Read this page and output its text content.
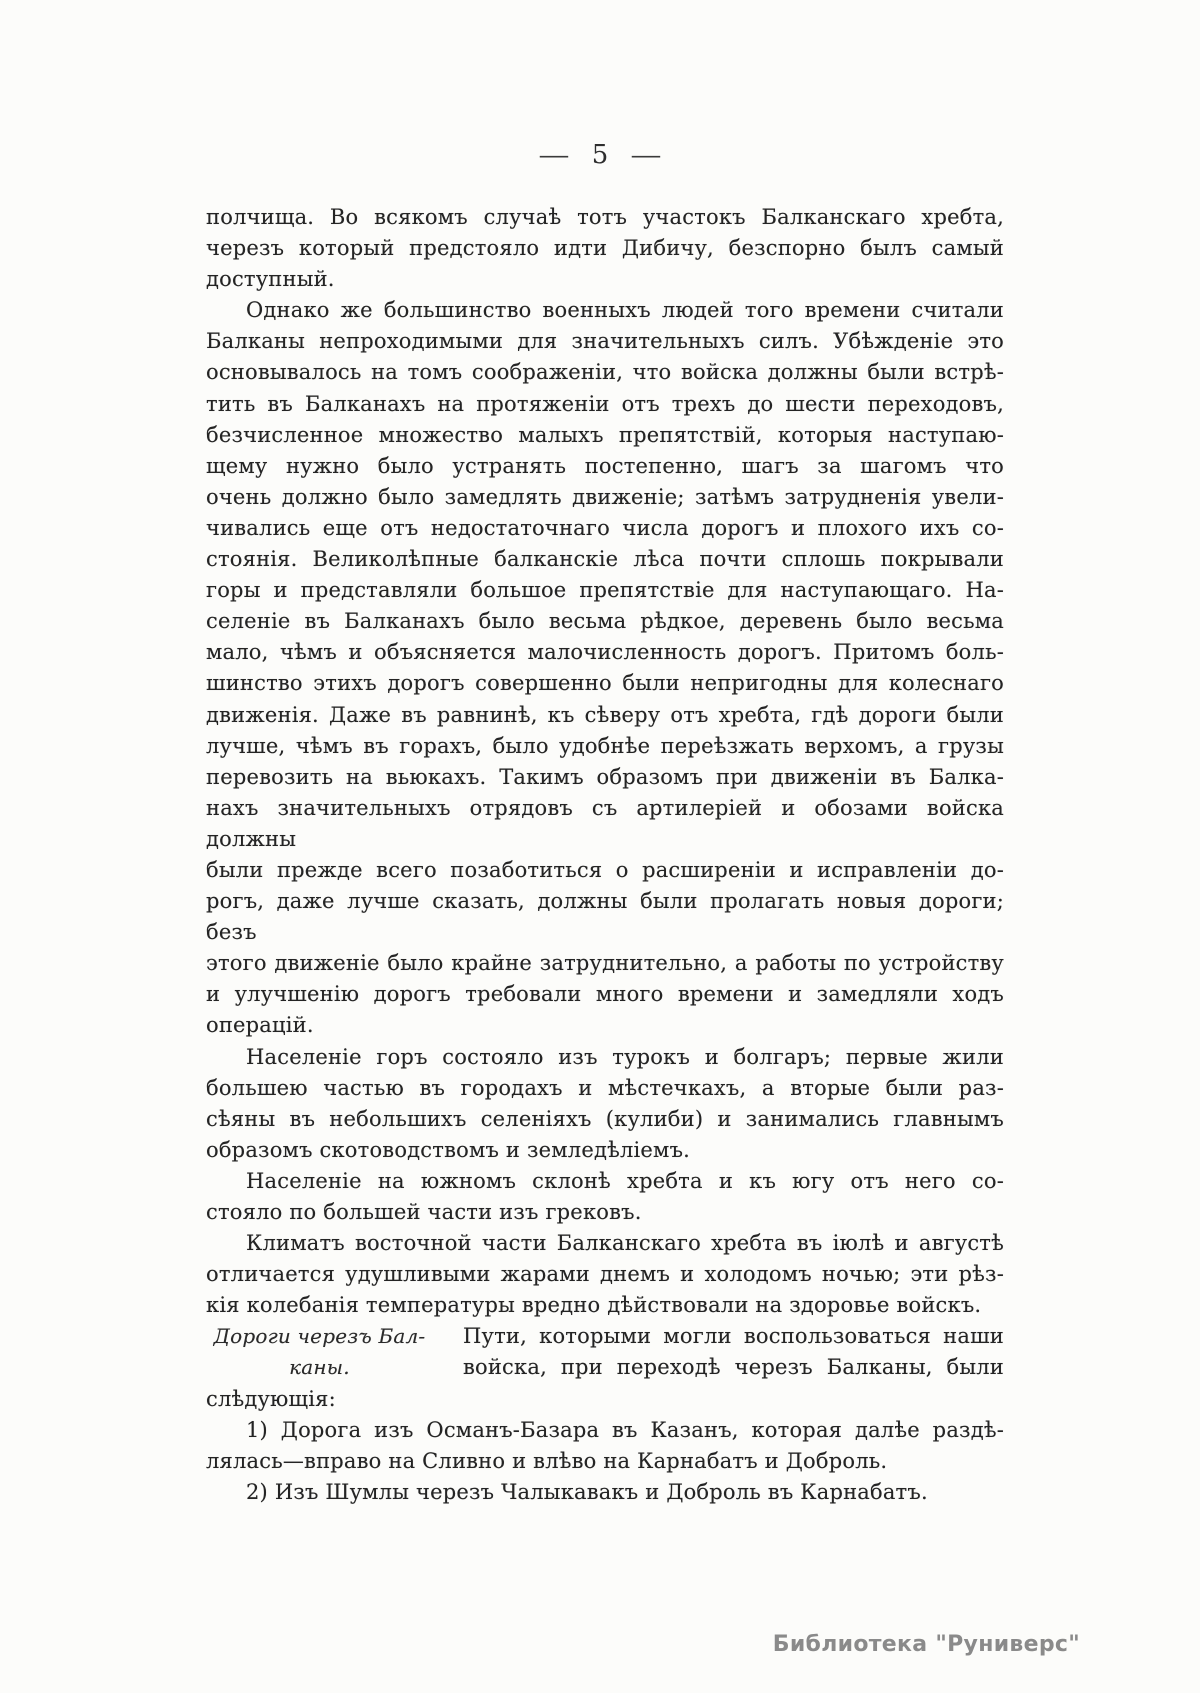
— 5 —
полчища. Во всякомъ случаѣ тотъ участокъ Балканскаго хребта,
черезъ который предстояло идти Дибичу, безспорно былъ самый
доступный.
Однако же большинство военныхъ людей того времени считали
Балканы непроходимыми для значительныхъ силъ. Убѣжденіе это
основывалось на томъ соображеніи, что войска должны были встрѣ-
тить въ Балканахъ на протяженіи отъ трехъ до шести переходовъ,
безчисленное множество малыхъ препятствій, которыя наступаю-
щему нужно было устранять постепенно, шагъ за шагомъ что
очень должно было замедлять движеніе; затѣмъ затрудненія увели-
чивались еще отъ недостаточнаго числа дорогъ и плохого ихъ со-
стоянія. Великолѣпные балканскіе лѣса почти сплошь покрывали
горы и представляли большое препятствіе для наступающаго. На-
селеніе въ Балканахъ было весьма рѣдкое, деревень было весьма
мало, чѣмъ и объясняется малочисленность дорогъ. Притомъ боль-
шинство этихъ дорогъ совершенно были непригодны для колеснаго
движенія. Даже въ равнинѣ, къ сѣверу отъ хребта, гдѣ дороги были
лучше, чѣмъ въ горахъ, было удобнѣе переѣзжать верхомъ, а грузы
перевозить на вьюкахъ. Такимъ образомъ при движеніи въ Балка-
нахъ значительныхъ отрядовъ съ артилеріей и обозами войска должны
были прежде всего позаботиться о расширеніи и исправленіи до-
рогъ, даже лучше сказать, должны были пролагать новыя дороги; безъ
этого движеніе было крайне затруднительно, а работы по устройству
и улучшенію дорогъ требовали много времени и замедляли ходъ
операцій.
Населеніе горъ состояло изъ турокъ и болгаръ; первые жили
большею частью въ городахъ и мѣстечкахъ, а вторые были раз-
сѣяны въ небольшихъ селеніяхъ (кулиби) и занимались главнымъ
образомъ скотоводствомъ и земледѣліемъ.
Населеніе на южномъ склонѣ хребта и къ югу отъ него со-
стояло по большей части изъ грековъ.
Климатъ восточной части Балканскаго хребта въ іюлѣ и августѣ
отличается удушливыми жарами днемъ и холодомъ ночью; эти рѣз-
кія колебанія температуры вредно дѣйствовали на здоровье войскъ.
Дороги черезъ Бал-
каны.
Пути, которыми могли воспользоваться наши
войска, при переходѣ черезъ Балканы, были
слѣдующія:
1) Дорога изъ Османъ-Базара въ Казанъ, которая далѣе раздѣ-
лялась—вправо на Сливно и влѣво на Карнабатъ и Доброль.
2) Изъ Шумлы черезъ Чалыкавакъ и Доброль въ Карнабатъ.
Библиотека "Руниверс"
